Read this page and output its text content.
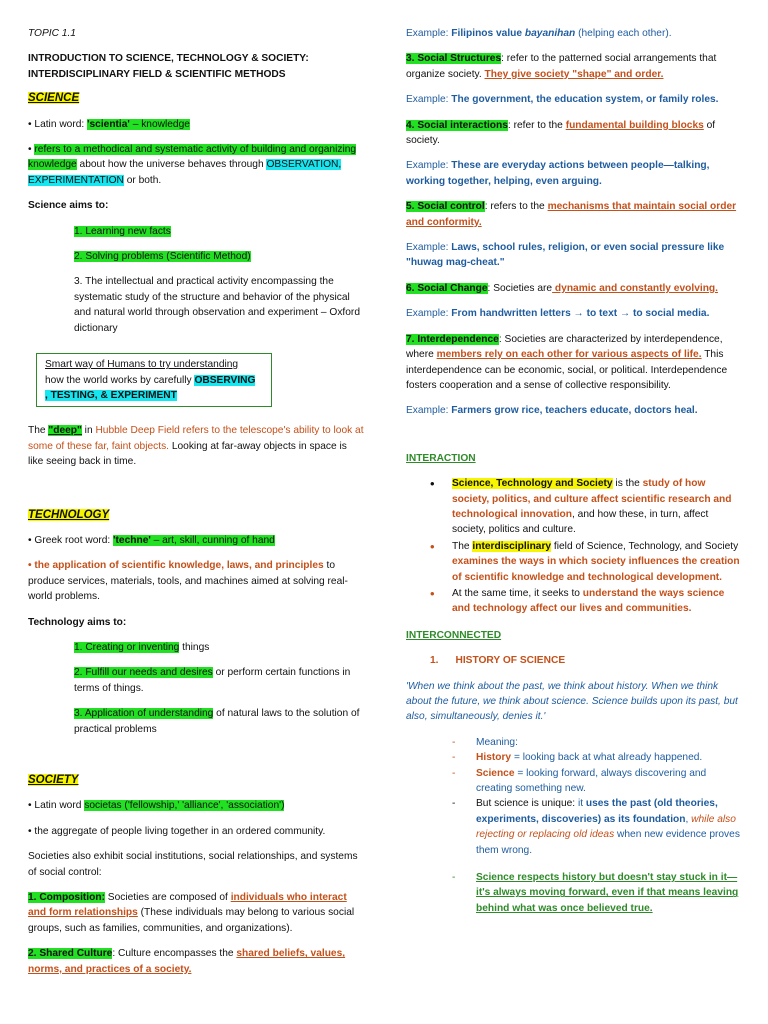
TOPIC 1.1

INTRODUCTION TO SCIENCE, TECHNOLOGY & SOCIETY:

INTERDISCIPLINARY FIELD & SCIENTIFIC METHODS

SCIENCE

• Latin word: 'scientia' – knowledge

• refers to a methodical and systematic activity of building and organizing knowledge about how the universe behaves through OBSERVATION, EXPERIMENTATION or both.

Science aims to:

1. Learning new facts

2. Solving problems (Scientific Method)

3. The intellectual and practical activity encompassing the systematic study of the structure and behavior of the physical and natural world through observation and experiment – Oxford dictionary

Smart way of Humans to try understanding

how the world works by carefully OBSERVING

, TESTING, & EXPERIMENT

The "deep" in Hubble Deep Field refers to the telescope's ability to look at some of these far, faint objects. Looking at far-away objects in space is like seeing back in time.

TECHNOLOGY

• Greek root word: 'techne' – art, skill, cunning of hand

• the application of scientific knowledge, laws, and principles to produce services, materials, tools, and machines aimed at solving real-world problems.

Technology aims to:

1. Creating or inventing things

2. Fulfill our needs and desires or perform certain functions in terms of things.

3. Application of understanding of natural laws to the solution of practical problems

SOCIETY

• Latin word societas ('fellowship,' 'alliance', 'association')

• the aggregate of people living together in an ordered community.

Societies also exhibit social institutions, social relationships, and systems of social control:

1. Composition: Societies are composed of individuals who interact and form relationships (These individuals may belong to various social groups, such as families, communities, and organizations).

2. Shared Culture: Culture encompasses the shared beliefs, values, norms, and practices of a society.

Example: Filipinos value bayanihan (helping each other).

3. Social Structures: refer to the patterned social arrangements that organize society. They give society "shape" and order.

Example: The government, the education system, or family roles.

4. Social interactions: refer to the fundamental building blocks of society.

Example: These are everyday actions between people—talking, working together, helping, even arguing.

5. Social control: refers to the mechanisms that maintain social order and conformity.

Example: Laws, school rules, religion, or even social pressure like "huwag mag-cheat."

6. Social Change: Societies are dynamic and constantly evolving.

Example: From handwritten letters → to text → to social media.

7. Interdependence: Societies are characterized by interdependence, where members rely on each other for various aspects of life. This interdependence can be economic, social, or political. Interdependence fosters cooperation and a sense of collective responsibility.

Example: Farmers grow rice, teachers educate, doctors heal.

INTERACTION

• Science, Technology and Society is the study of how society, politics, and culture affect scientific research and technological innovation, and how these, in turn, affect society, politics and culture.
• The interdisciplinary field of Science, Technology, and Society examines the ways in which society influences the creation of scientific knowledge and technological development.
• At the same time, it seeks to understand the ways science and technology affect our lives and communities.

INTERCONNECTED

1.      HISTORY OF SCIENCE

'When we think about the past, we think about history. When we think about the future, we think about science. Science builds upon its past, but also, simultaneously, denies it.'

- Meaning:
- History = looking back at what already happened.
- Science = looking forward, always discovering and creating something new.
- But science is unique: it uses the past (old theories, experiments, discoveries) as its foundation, while also rejecting or replacing old ideas when new evidence proves them wrong.
- Science respects history but doesn't stay stuck in it—it's always moving forward, even if that means leaving behind what was once believed true.
